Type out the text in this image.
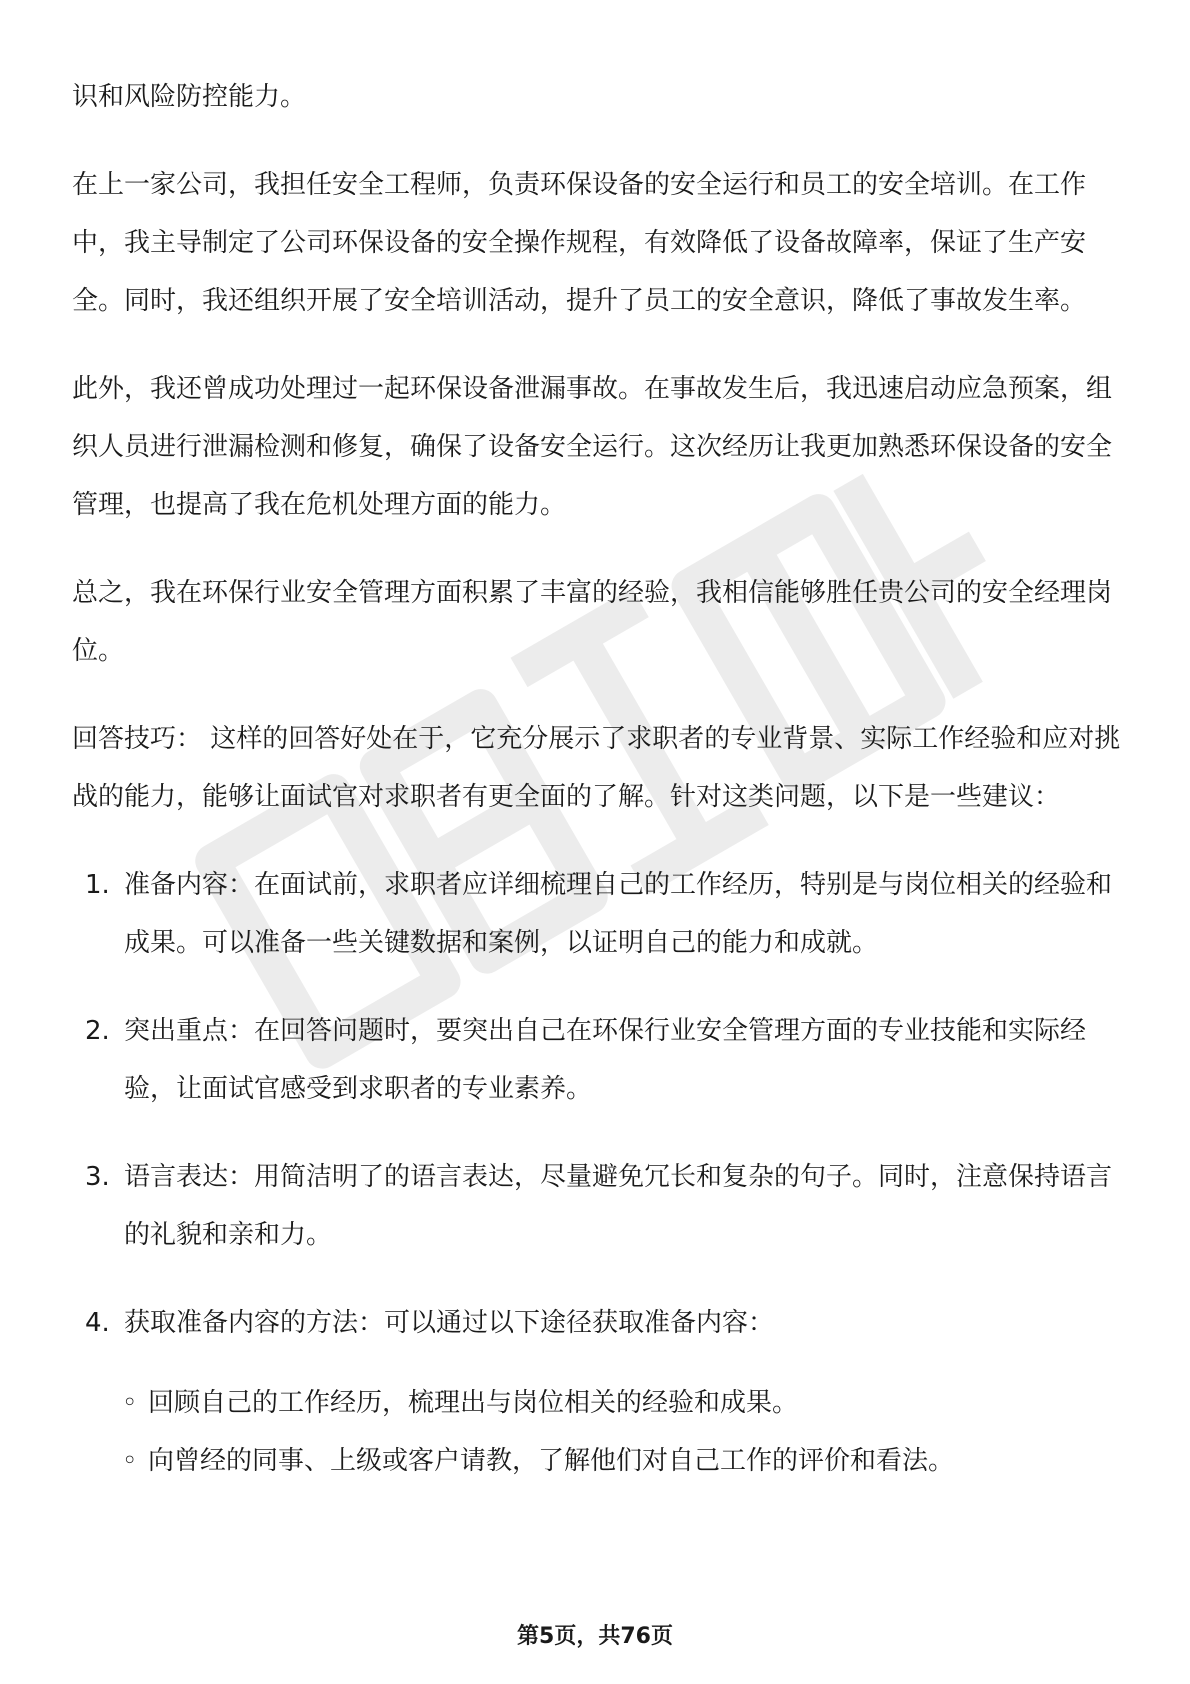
识和风险防控能力。

在上一家公司，我担任安全工程师，负责环保设备的安全运行和员工的安全培训。在工作中，我主导制定了公司环保设备的安全操作规程，有效降低了设备故障率，保证了生产安全。同时，我还组织开展了安全培训活动，提升了员工的安全意识，降低了事故发生率。

此外，我还曾成功处理过一起环保设备泄漏事故。在事故发生后，我迅速启动应急预案，组织人员进行泄漏检测和修复，确保了设备安全运行。这次经历让我更加熟悉环保设备的安全管理，也提高了我在危机处理方面的能力。

总之，我在环保行业安全管理方面积累了丰富的经验，我相信能够胜任贵公司的安全经理岗位。

回答技巧： 这样的回答好处在于，它充分展示了求职者的专业背景、实际工作经验和应对挑战的能力，能够让面试官对求职者有更全面的了解。针对这类问题，以下是一些建议：

1. 准备内容：在面试前，求职者应详细梳理自己的工作经历，特别是与岗位相关的经验和成果。可以准备一些关键数据和案例，以证明自己的能力和成就。
2. 突出重点：在回答问题时，要突出自己在环保行业安全管理方面的专业技能和实际经验，让面试官感受到求职者的专业素养。
3. 语言表达：用简洁明了的语言表达，尽量避免冗长和复杂的句子。同时，注意保持语言的礼貌和亲和力。
4. 获取准备内容的方法：可以通过以下途径获取准备内容：
◦ 回顾自己的工作经历，梳理出与岗位相关的经验和成果。
◦ 向曾经的同事、上级或客户请教，了解他们对自己工作的评价和看法。
第5页，共76页
